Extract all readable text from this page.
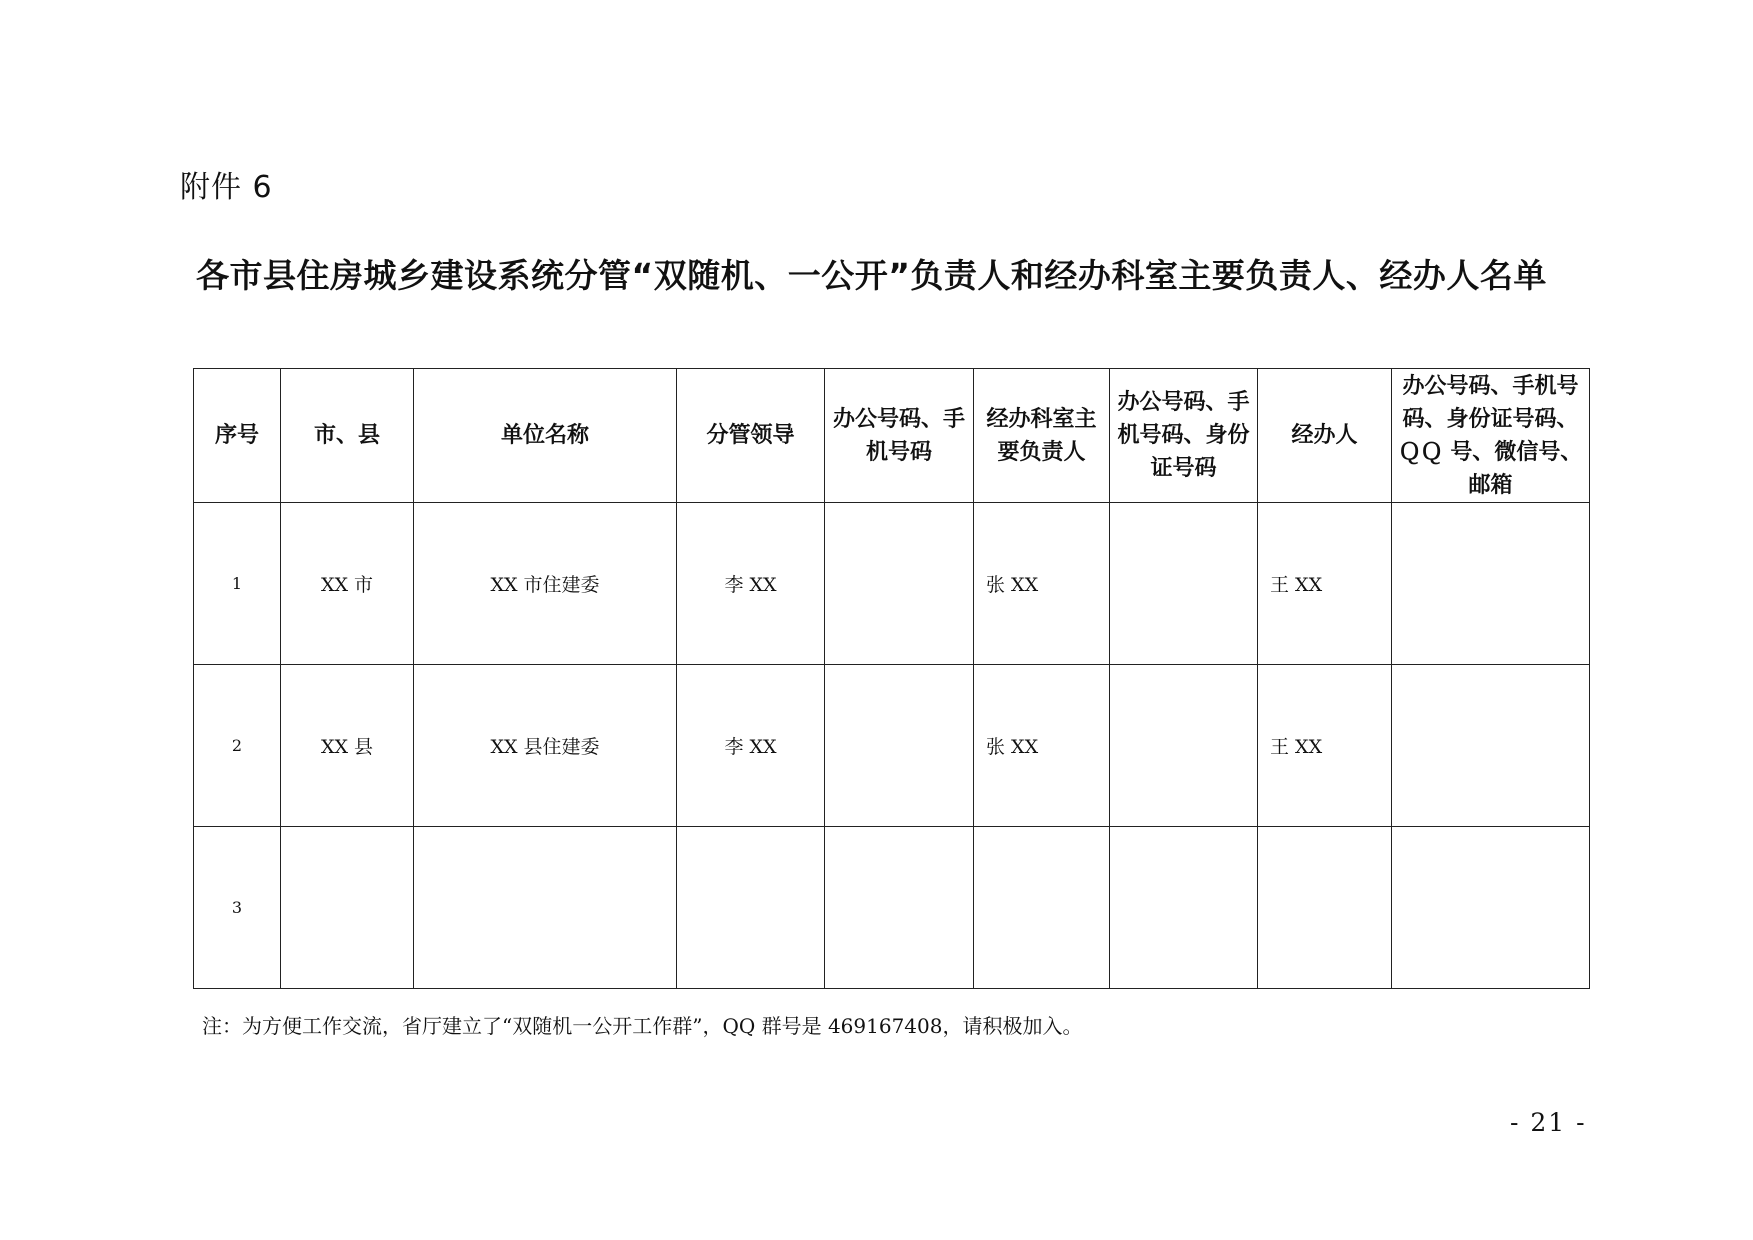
附件 6
各市县住房城乡建设系统分管“双随机、一公开”负责人和经办科室主要负责人、经办人名单
序号	市、县	单位名称	分管领导	办公号码、手机号码	经办科室主要负责人	办公号码、手机号码、身份证号码	经办人	办公号码、手机号码、身份证号码、ＱＱ 号、微信号、邮箱
1	XX 市	XX 市住建委	李 XX		张 XX		王 XX	
2	XX 县	XX 县住建委	李 XX		张 XX		王 XX	
3								
注：为方便工作交流，省厅建立了“双随机一公开工作群”，QQ 群号是 469167408，请积极加入。
- 21 -
